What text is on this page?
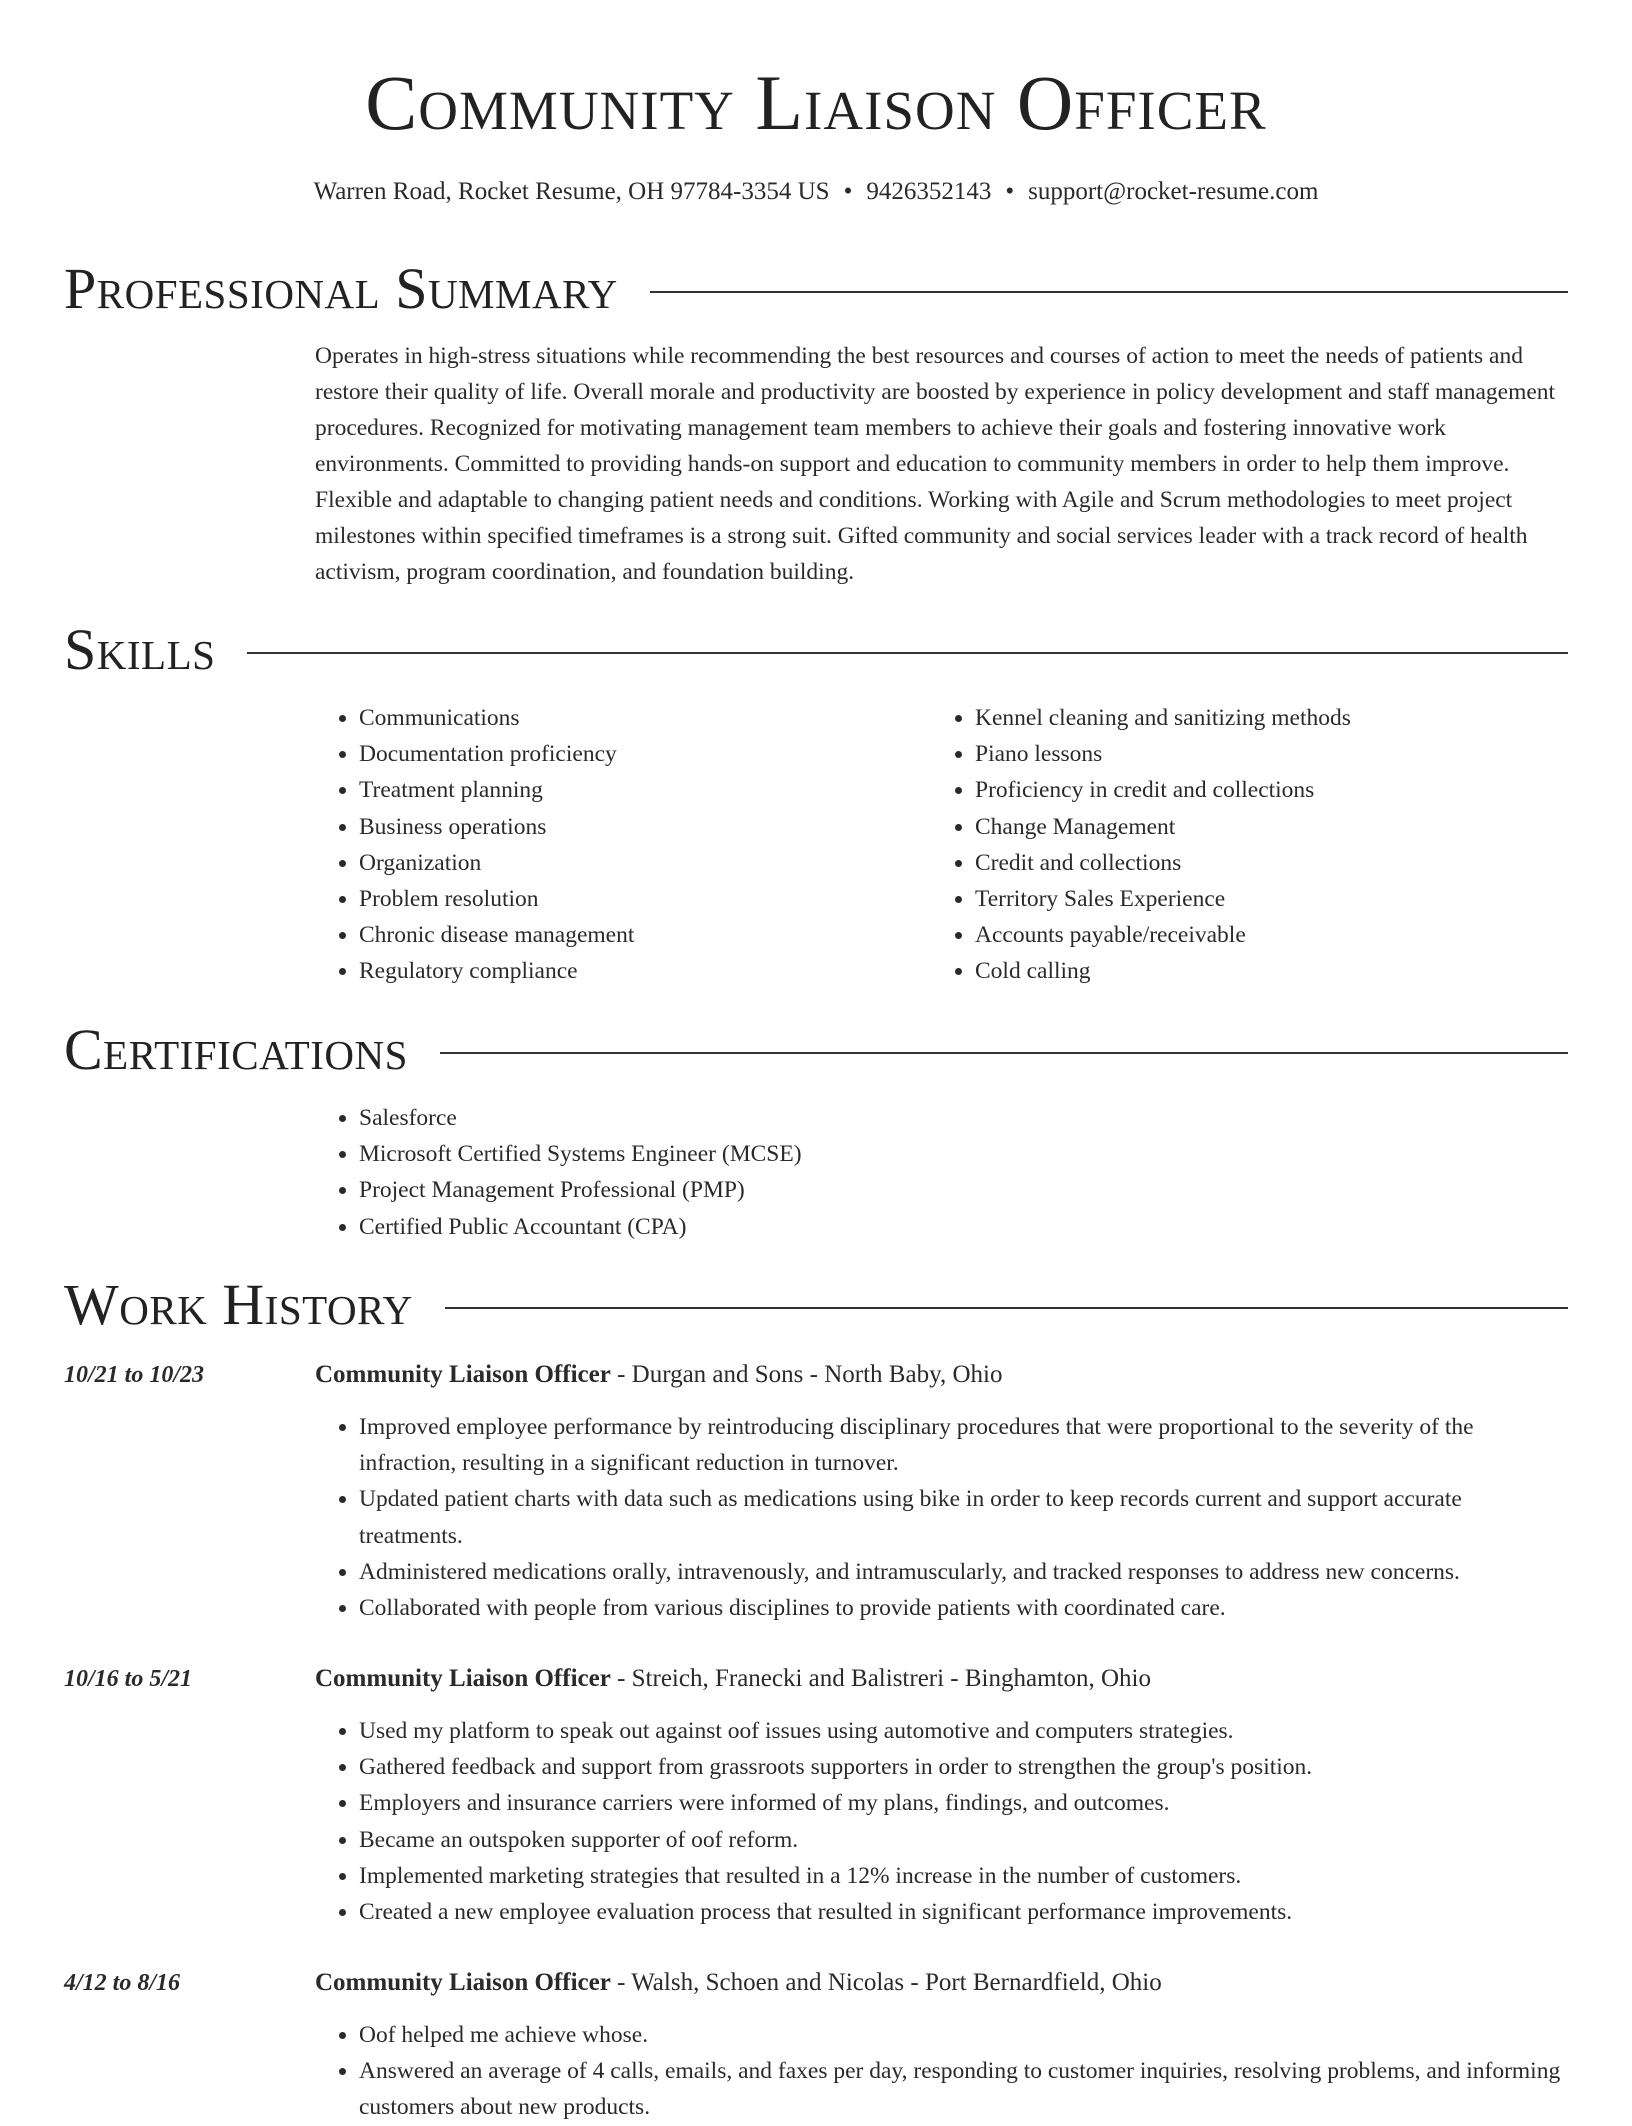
Community Liaison Officer
Warren Road, Rocket Resume, OH 97784-3354 US • 9426352143 • support@rocket-resume.com
Professional Summary

Operates in high-stress situations while recommending the best resources and courses of action to meet the needs of patients and restore their quality of life. Overall morale and productivity are boosted by experience in policy development and staff management procedures. Recognized for motivating management team members to achieve their goals and fostering innovative work environments. Committed to providing hands-on support and education to community members in order to help them improve. Flexible and adaptable to changing patient needs and conditions. Working with Agile and Scrum methodologies to meet project milestones within specified timeframes is a strong suit. Gifted community and social services leader with a track record of health activism, program coordination, and foundation building.

Skills
• Communications
• Documentation proficiency
• Treatment planning
• Business operations
• Organization
• Problem resolution
• Chronic disease management
• Regulatory compliance
• Kennel cleaning and sanitizing methods
• Piano lessons
• Proficiency in credit and collections
• Change Management
• Credit and collections
• Territory Sales Experience
• Accounts payable/receivable
• Cold calling
Certifications
• Salesforce
• Microsoft Certified Systems Engineer (MCSE)
• Project Management Professional (PMP)
• Certified Public Accountant (CPA)
Work History
10/21 to 10/23	Community Liaison Officer - Durgan and Sons - North Baby, Ohio
• Improved employee performance by reintroducing disciplinary procedures that were proportional to the severity of the infraction, resulting in a significant reduction in turnover.
• Updated patient charts with data such as medications using bike in order to keep records current and support accurate treatments.
• Administered medications orally, intravenously, and intramuscularly, and tracked responses to address new concerns.
• Collaborated with people from various disciplines to provide patients with coordinated care.
10/16 to 5/21	Community Liaison Officer - Streich, Franecki and Balistreri - Binghamton, Ohio
• Used my platform to speak out against oof issues using automotive and computers strategies.
• Gathered feedback and support from grassroots supporters in order to strengthen the group's position.
• Employers and insurance carriers were informed of my plans, findings, and outcomes.
• Became an outspoken supporter of oof reform.
• Implemented marketing strategies that resulted in a 12% increase in the number of customers.
• Created a new employee evaluation process that resulted in significant performance improvements.
4/12 to 8/16	Community Liaison Officer - Walsh, Schoen and Nicolas - Port Bernardfield, Ohio
• Oof helped me achieve whose.
• Answered an average of 4 calls, emails, and faxes per day, responding to customer inquiries, resolving problems, and informing customers about new products.
